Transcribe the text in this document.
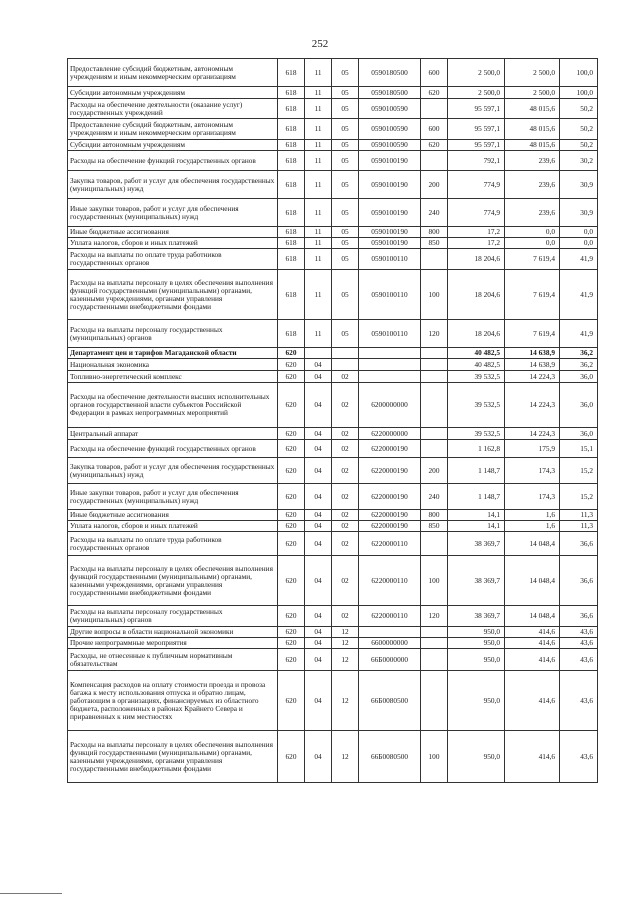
252
Предоставление субсидий бюджетным, автономным учреждениям и иным некоммерческим организациям	618	11	05	0590180500	600	2 500,0	2 500,0	100,0
Субсидии автономным учреждениям	618	11	05	0590180500	620	2 500,0	2 500,0	100,0
Расходы на обеспечение деятельности (оказание услуг) государственных учреждений	618	11	05	0590100590		95 597,1	48 015,6	50,2
Предоставление субсидий бюджетным, автономным учреждениям и иным некоммерческим организациям	618	11	05	0590100590	600	95 597,1	48 015,6	50,2
Субсидии автономным учреждениям	618	11	05	0590100590	620	95 597,1	48 015,6	50,2
Расходы на обеспечение функций государственных органов	618	11	05	0590100190		792,1	239,6	30,2
Закупка товаров, работ и услуг для обеспечения государственных (муниципальных) нужд	618	11	05	0590100190	200	774,9	239,6	30,9
Иные закупки товаров, работ и услуг для обеспечения государственных (муниципальных) нужд	618	11	05	0590100190	240	774,9	239,6	30,9
Иные бюджетные ассигнования	618	11	05	0590100190	800	17,2	0,0	0,0
Уплата налогов, сборов и иных платежей	618	11	05	0590100190	850	17,2	0,0	0,0
Расходы на выплаты по оплате труда работников государственных органов	618	11	05	0590100110		18 204,6	7 619,4	41,9
Расходы на выплаты персоналу в целях обеспечения выполнения функций государственными (муниципальными) органами, казенными учреждениями, органами управления государственными внебюджетными фондами	618	11	05	0590100110	100	18 204,6	7 619,4	41,9
Расходы на выплаты персоналу государственных (муниципальных) органов	618	11	05	0590100110	120	18 204,6	7 619,4	41,9
Департамент цен и тарифов Магаданской области	620					40 482,5	14 638,9	36,2
Национальная экономика	620	04				40 482,5	14 638,9	36,2
Топливно-энергетический комплекс	620	04	02			39 532,5	14 224,3	36,0
Расходы на обеспечение деятельности высших исполнительных органов государственной власти субъектов Российской Федерации в рамках непрограммных мероприятий	620	04	02	6200000000		39 532,5	14 224,3	36,0
Центральный аппарат	620	04	02	6220000000		39 532,5	14 224,3	36,0
Расходы на обеспечение функций государственных органов	620	04	02	6220000190		1 162,8	175,9	15,1
Закупка товаров, работ и услуг для обеспечения государственных (муниципальных) нужд	620	04	02	6220000190	200	1 148,7	174,3	15,2
Иные закупки товаров, работ и услуг для обеспечения государственных (муниципальных) нужд	620	04	02	6220000190	240	1 148,7	174,3	15,2
Иные бюджетные ассигнования	620	04	02	6220000190	800	14,1	1,6	11,3
Уплата налогов, сборов и иных платежей	620	04	02	6220000190	850	14,1	1,6	11,3
Расходы на выплаты по оплате труда работников государственных органов	620	04	02	6220000110		38 369,7	14 048,4	36,6
Расходы на выплаты персоналу в целях обеспечения выполнения функций государственными (муниципальными) органами, казенными учреждениями, органами управления государственными внебюджетными фондами	620	04	02	6220000110	100	38 369,7	14 048,4	36,6
Расходы на выплаты персоналу государственных (муниципальных) органов	620	04	02	6220000110	120	38 369,7	14 048,4	36,6
Другие вопросы в области национальной экономики	620	04	12			950,0	414,6	43,6
Прочие непрограммные мероприятия	620	04	12	6600000000		950,0	414,6	43,6
Расходы, не отнесенные к публичным нормативным обязательствам	620	04	12	66Б0000000		950,0	414,6	43,6
Компенсация расходов на оплату стоимости проезда и провоза багажа к месту использования отпуска и обратно лицам, работающим в организациях, финансируемых из областного бюджета, расположенных в районах Крайнего Севера и приравненных к ним местностях	620	04	12	66Б0080500		950,0	414,6	43,6
Расходы на выплаты персоналу в целях обеспечения выполнения функций государственными (муниципальными) органами, казенными учреждениями, органами управления государственными внебюджетными фондами	620	04	12	66Б0080500	100	950,0	414,6	43,6
